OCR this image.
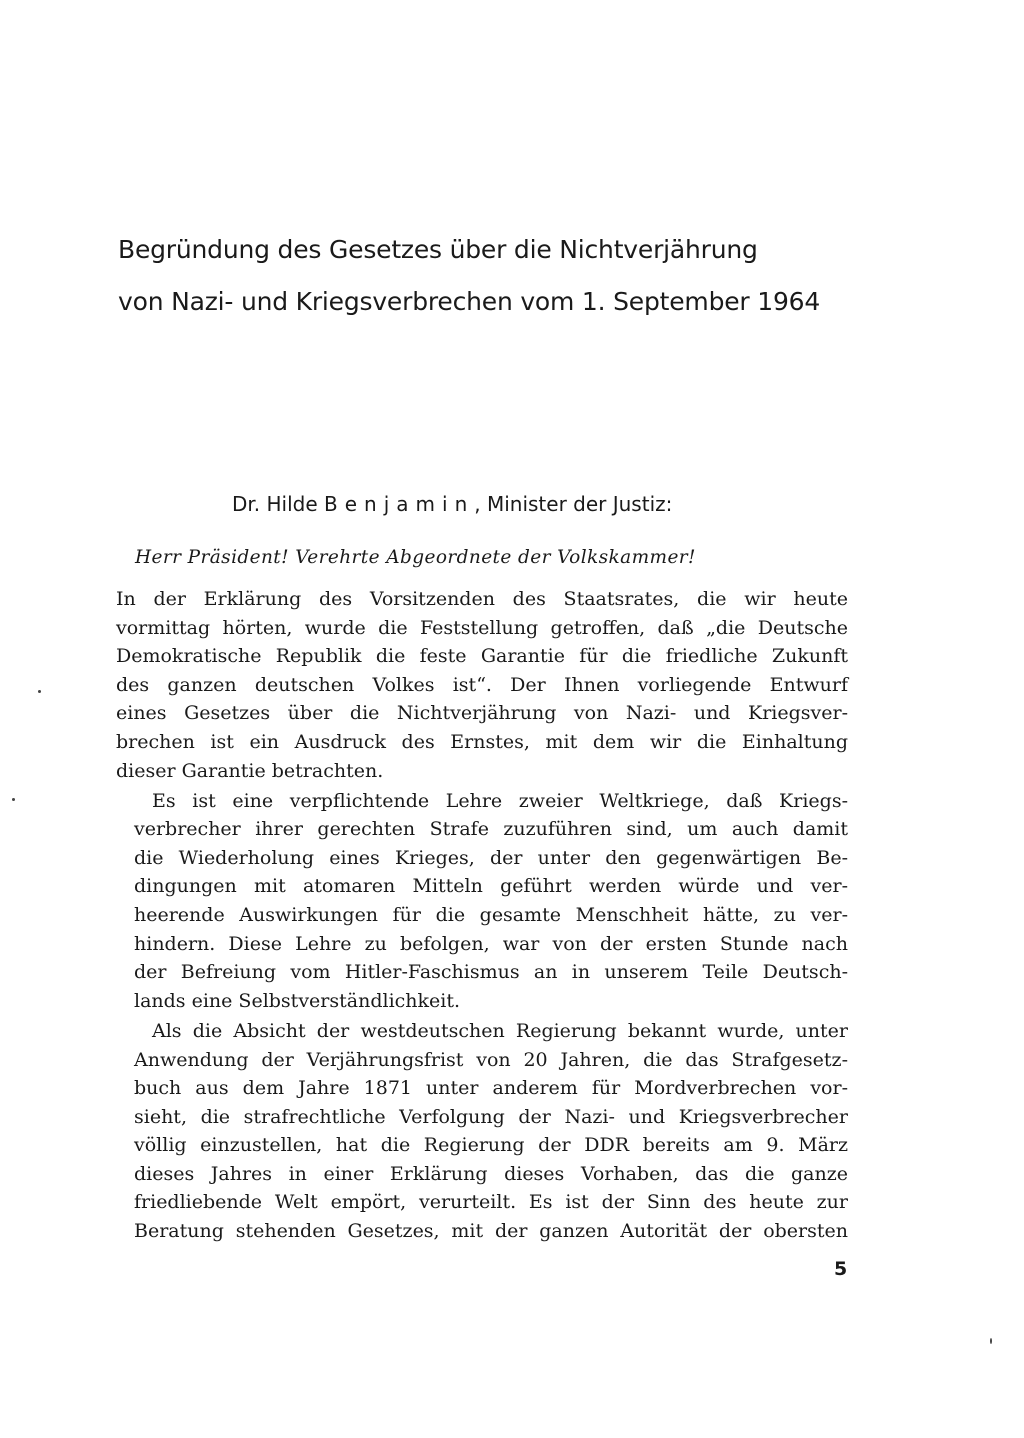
Begründung des Gesetzes über die Nichtverjährung
von Nazi- und Kriegsverbrechen vom 1. September 1964
Dr. Hilde Benjamin, Minister der Justiz:
Herr Präsident! Verehrte Abgeordnete der Volkskammer!

In der Erklärung des Vorsitzenden des Staatsrates, die wir heute
vormittag hörten, wurde die Feststellung getroffen, daß „die Deutsche
Demokratische Republik die feste Garantie für die friedliche Zukunft
des ganzen deutschen Volkes ist“. Der Ihnen vorliegende Entwurf
eines Gesetzes über die Nichtverjährung von Nazi- und Kriegsver-
brechen ist ein Ausdruck des Ernstes, mit dem wir die Einhaltung
dieser Garantie betrachten.

Es ist eine verpflichtende Lehre zweier Weltkriege, daß Kriegs-
verbrecher ihrer gerechten Strafe zuzuführen sind, um auch damit
die Wiederholung eines Krieges, der unter den gegenwärtigen Be-
dingungen mit atomaren Mitteln geführt werden würde und ver-
heerende Auswirkungen für die gesamte Menschheit hätte, zu ver-
hindern. Diese Lehre zu befolgen, war von der ersten Stunde nach
der Befreiung vom Hitler-Faschismus an in unserem Teile Deutsch-
lands eine Selbstverständlichkeit.

Als die Absicht der westdeutschen Regierung bekannt wurde, unter
Anwendung der Verjährungsfrist von 20 Jahren, die das Strafgesetz-
buch aus dem Jahre 1871 unter anderem für Mordverbrechen vor-
sieht, die strafrechtliche Verfolgung der Nazi- und Kriegsverbrecher
völlig einzustellen, hat die Regierung der DDR bereits am 9. März
dieses Jahres in einer Erklärung dieses Vorhaben, das die ganze
friedliebende Welt empört, verurteilt. Es ist der Sinn des heute zur
Beratung stehenden Gesetzes, mit der ganzen Autorität der obersten

5
